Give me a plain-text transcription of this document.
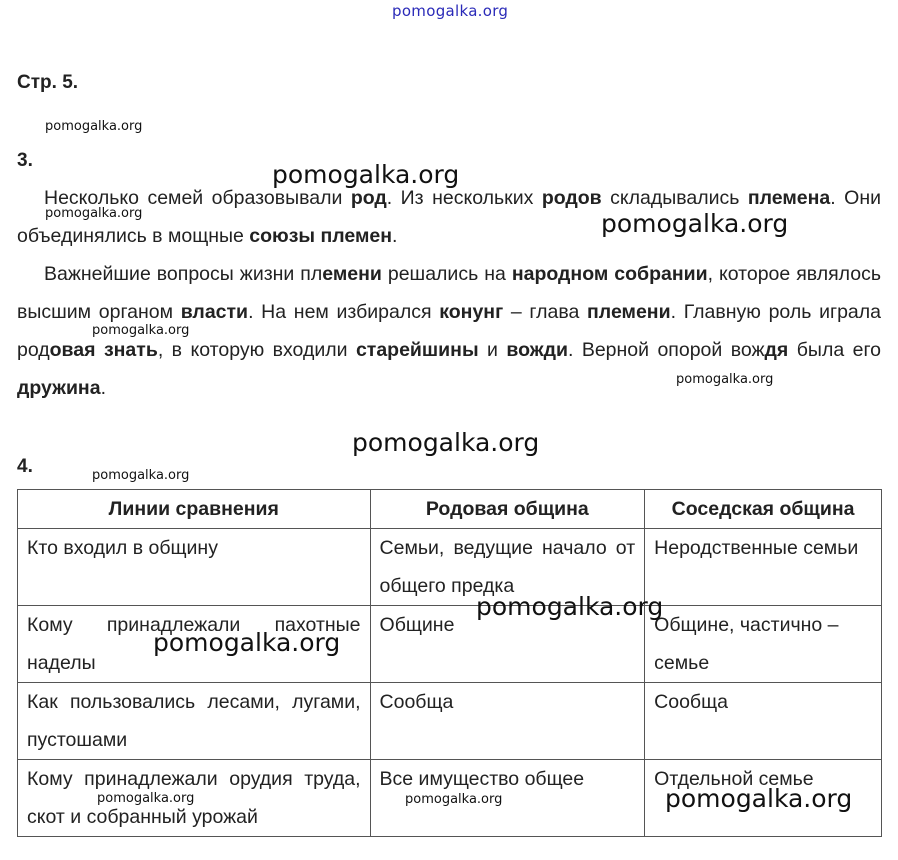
pomogalka.org
Стр. 5.
pomogalka.org
3.

Несколько семей образовывали род. Из нескольких родов складывались племена. Они объединялись в мощные союзы племен.

Важнейшие вопросы жизни племени решались на народном собрании, которое являлось высшим органом власти. На нем избирался конунг – глава племени. Главную роль играла родовая знать, в которую входили старейшины и вожди. Верной опорой вождя была его дружина.

4.
Линии сравнения	Родовая община	Соседская община
Кто входил в общину	Семьи, ведущие начало от общего предка	Неродственные семьи
Кому принадлежали пахотные наделы	Общине	Общине, частично – семье
Как пользовались лесами, лугами, пустошами	Сообща	Сообща
Кому принадлежали орудия труда, скот и собранный урожай	Все имущество общее	Отдельной семье
pomogalka.org
pomogalka.org	pomogalka.org
pomogalka.org
pomogalka.org
pomogalka.org
pomogalka.org
pomogalka.org
pomogalka.org
pomogalka.org	pomogalka.org	pomogalka.org
